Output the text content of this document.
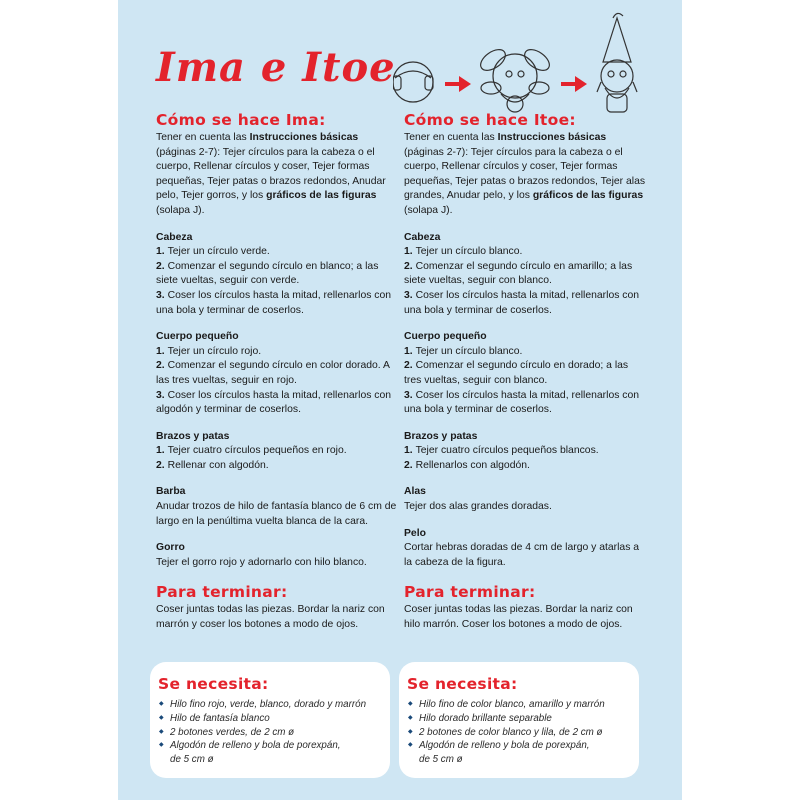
Ima e Itoe
Cómo se hace Ima:
Tener en cuenta las Instrucciones básicas (páginas 2-7): Tejer círculos para la cabeza o el cuerpo, Rellenar círculos y coser, Tejer formas pequeñas, Tejer patas o brazos redondos, Anudar pelo, Tejer gorros, y los gráficos de las figuras (solapa J).
Cabeza

1. Tejer un círculo verde.

2. Comenzar el segundo círculo en blanco; a las siete vueltas, seguir con verde.

3. Coser los círculos hasta la mitad, rellenarlos con una bola y terminar de coserlos.

Cuerpo pequeño

1. Tejer un círculo rojo.

2. Comenzar el segundo círculo en color dorado. A las tres vueltas, seguir en rojo.

3. Coser los círculos hasta la mitad, rellenarlos con algodón y terminar de coserlos.

Brazos y patas

1. Tejer cuatro círculos pequeños en rojo.

2. Rellenar con algodón.

Barba

Anudar trozos de hilo de fantasía blanco de 6 cm de largo en la penúltima vuelta blanca de la cara.

Gorro

Tejer el gorro rojo y adornarlo con hilo blanco.

Para terminar:

Coser juntas todas las piezas. Bordar la nariz con marrón y coser los botones a modo de ojos.

Cómo se hace Itoe:
Tener en cuenta las Instrucciones básicas (páginas 2-7): Tejer círculos para la cabeza o el cuerpo, Rellenar círculos y coser, Tejer formas pequeñas, Tejer patas o brazos redondos, Tejer alas grandes, Anudar pelo, y los gráficos de las figuras (solapa J).
Cabeza

1. Tejer un círculo blanco.

2. Comenzar el segundo círculo en amarillo; a las siete vueltas, seguir con blanco.

3. Coser los círculos hasta la mitad, rellenarlos con una bola y terminar de coserlos.

Cuerpo pequeño

1. Tejer un círculo blanco.

2. Comenzar el segundo círculo en dorado; a las tres vueltas, seguir con blanco.

3. Coser los círculos hasta la mitad, rellenarlos con una bola y terminar de coserlos.

Brazos y patas

1. Tejer cuatro círculos pequeños blancos.

2. Rellenarlos con algodón.

Alas

Tejer dos alas grandes doradas.

Pelo

Cortar hebras doradas de 4 cm de largo y atarlas a la cabeza de la figura.

Para terminar:

Coser juntas todas las piezas. Bordar la nariz con hilo marrón. Coser los botones a modo de ojos.

Se necesita:
◆ Hilo fino rojo, verde, blanco, dorado y marrón
◆ Hilo de fantasía blanco
◆ 2 botones verdes, de 2 cm ø
◆ Algodón de relleno y bola de porexpán,
de 5 cm ø
Se necesita:
◆ Hilo fino de color blanco, amarillo y marrón
◆ Hilo dorado brillante separable
◆ 2 botones de color blanco y lila, de 2 cm ø
◆ Algodón de relleno y bola de porexpán,
de 5 cm ø
